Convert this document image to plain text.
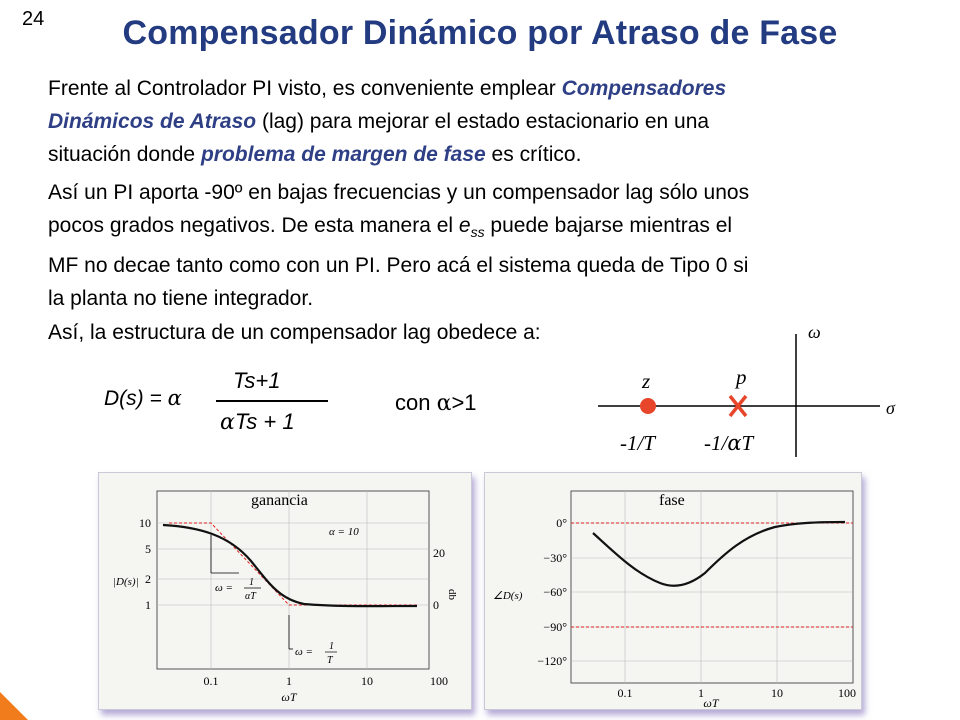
24	Compensador Dinámico por Atraso de Fase
Frente al Controlador PI visto, es conveniente emplear Compensadores
Dinámicos de Atraso (lag) para mejorar el estado estacionario en una
situación donde problema de margen de fase es crítico.
Así un PI aporta -90º en bajas frecuencias y un compensador lag sólo unos
pocos grados negativos. De esta manera el $e_{ss}$ puede bajarse mientras el
MF no decae tanto como con un PI. Pero acá el sistema queda de Tipo 0 si
la planta no tiene integrador.
Así, la estructura de un compensador lag obedece a:
D(s) = α
Ts+1
αTs + 1
con α>1
ω
σ
z	p
-1/T -1/αT
ganancia
α = 10
ω = 1
αT
ω = 1
T
10
5
2
1
20
0
|D(s)|
db
0.1	1	10	100
ωT
fase
0°
−30°
−60°
−90°
−120°
∠D(s)
0.1	1	10	100
ωT
